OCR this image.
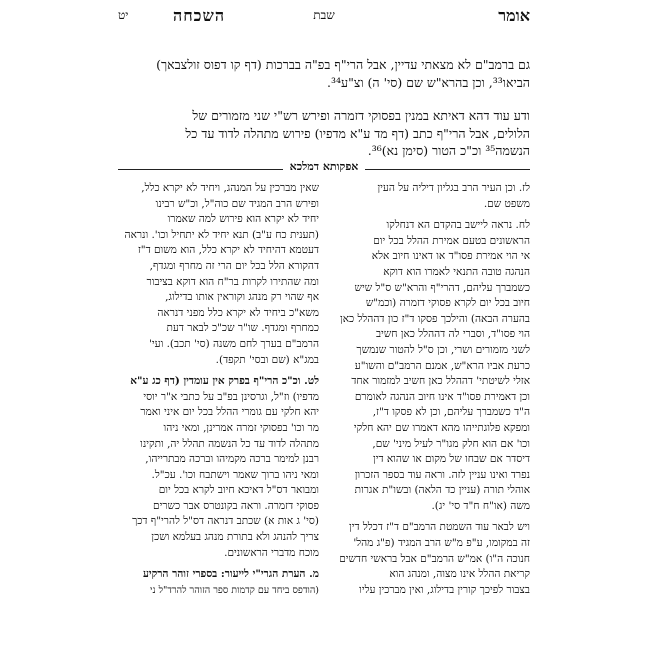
אומר
שבת
השכחה
יט
גם ברמב"ם לא מצאתי עדיין, אבל הרי"ף בפ"ה בברכות (דף קו דפוס זולצבאך)
הביאו³³, וכן בהרא"ש שם (סי' ה) וצ"ע³⁴.
ודע עוד דהא דאיתא במנין בפסוקי דזמרה ופירש רש"י שני מזמורים של
הלולים, אבל הרי"ף כתב (דף מד ע"א מדפיו) פירוש מתהלה לדוד עד כל
הנשמה³⁵ וכ"כ הטור (סימן נא)³⁶.
אפקותא דמלכא
לז. וכן העיר הרב בגליון דיליה על העין
משפט שם.
לח. נראה ליישב בהקדם הא דנחלקו
הראשונים בטעם אמירת ההלל בכל יום
אי הוי אמירת פסו"ד או דאינו חיוב אלא
הנהגה טובה התנאי לאמרו הוא דוקא
כשמברך עליהם, דהרי"ף והרא"ש ס"ל שיש
חיוב בכל יום לקרא פסוקי דזמרה (וכמ"ש
בהערה הבאה) והילכך פסקו ד"ז כון דההלל כאן
הוי פסו"ד, וסברי לה דההלל כאן חשיב
לשני מזמורים ושרי, וכן ס"ל להטור שנמשך
כרעת אביו הרא"ש, אמנם הרמב"ם והשו"ע
אזלי לשיטתי' דההלל כאן חשיב למזמור אחד
וכן דאמירת פסו"ד אינו חיוב הנהגה לאומרם
ה"ד כשמברך עליהם, וכן לא פסקו ד"ז,
ומפקא פלוגתייהו מהא דאמרו שם יהא חלקי
וכו' אם הוא חלק מגו"ר לעיל מיני' שם,
דיסדר אם שבחו של מקום או שהוא דין
נפרד ואינו עניין לזה. וראה עוד בספר הזכרון
אוהלי תורה (עניין כד הלאה) ובשו"ת אגרות
משה (או"ח ח"ד סי' יג).
ויש לבאר עוד השמטת הרמב"ם ד"ז דכלל דין
זה במקומו, ע"פ מ"ש הרב המגיד (פ"ג מהל'
חנוכה ה"ו) אמ"ש הרמב"ם אבל בראשי חדשים
קריאת ההלל אינו מצוה, ומנהג הוא
בצבור לפיכך קורין בדילוג, ואין מברכין עליו
שאין מברכין על המנהג, ויחיד לא יקרא כלל,
ופירש הרב המגיד שם כוה"ל, וכ"ש רבינו
יחיד לא יקרא הוא פירוש למה שאמרו
(תענית כח ע"ב) תנא יחיד לא יתחיל וכו'. ונראה
דעטמא דהיחיד לא יקרא כלל, הוא משום ד"ז
דהקורא הלל בכל יום הרי זה מחרף ומגדף,
ומה שהתירו לקרות בר"ח הוא דוקא בציבור
אף שהוי רק מנהג וקוראין אותו בדילוג,
משא"כ ביחיד לא יקרא כלל מפני דנראה
כמחרף ומגדף. שו"ר שכ"כ לבאר דעת
הרמב"ם בערך לחם משנה (סי' תכב). ועי'
במג"א (שם ובסי' תקפד).
לט. וכ"כ הרי"ף בפרק אין עומדין (דף כג ע"א
מדפיו) וז"ל, וגרסינן בפ"ב על כתבי א"ר יוסי
יהא חלקי עם גומרי ההלל בכל יום איני ואמר
מר וכו' בפסוקי זמרה אמרינן, ומאי ניהו
מתהלה לדוד עד כל הנשמה תהלל יה, ותקינו
רבנן למימר ברכה מקמיהו וברכה מבתרייהו,
ומאי ניהו ברוך שאמר וישתבח וכו'. עכ"ל.
ומבואר דס"ל דאיכא חיוב לקרא בכל יום
פסוקי דזמרה. וראה בקונטרס אבר כשרים
(סי' ג אות א) שכתב דנראה דס"ל להרי"ף דכך
צריך להנהג ולא בתורת מנהג בעלמא ושכן
מוכח מדברי הראשונים.
מ. הערת הגרי"י לייעור: בספרי זוהר הרקיע
(הודפס ביחד עם קדמות ספר הזוהר להרד"ל ני
